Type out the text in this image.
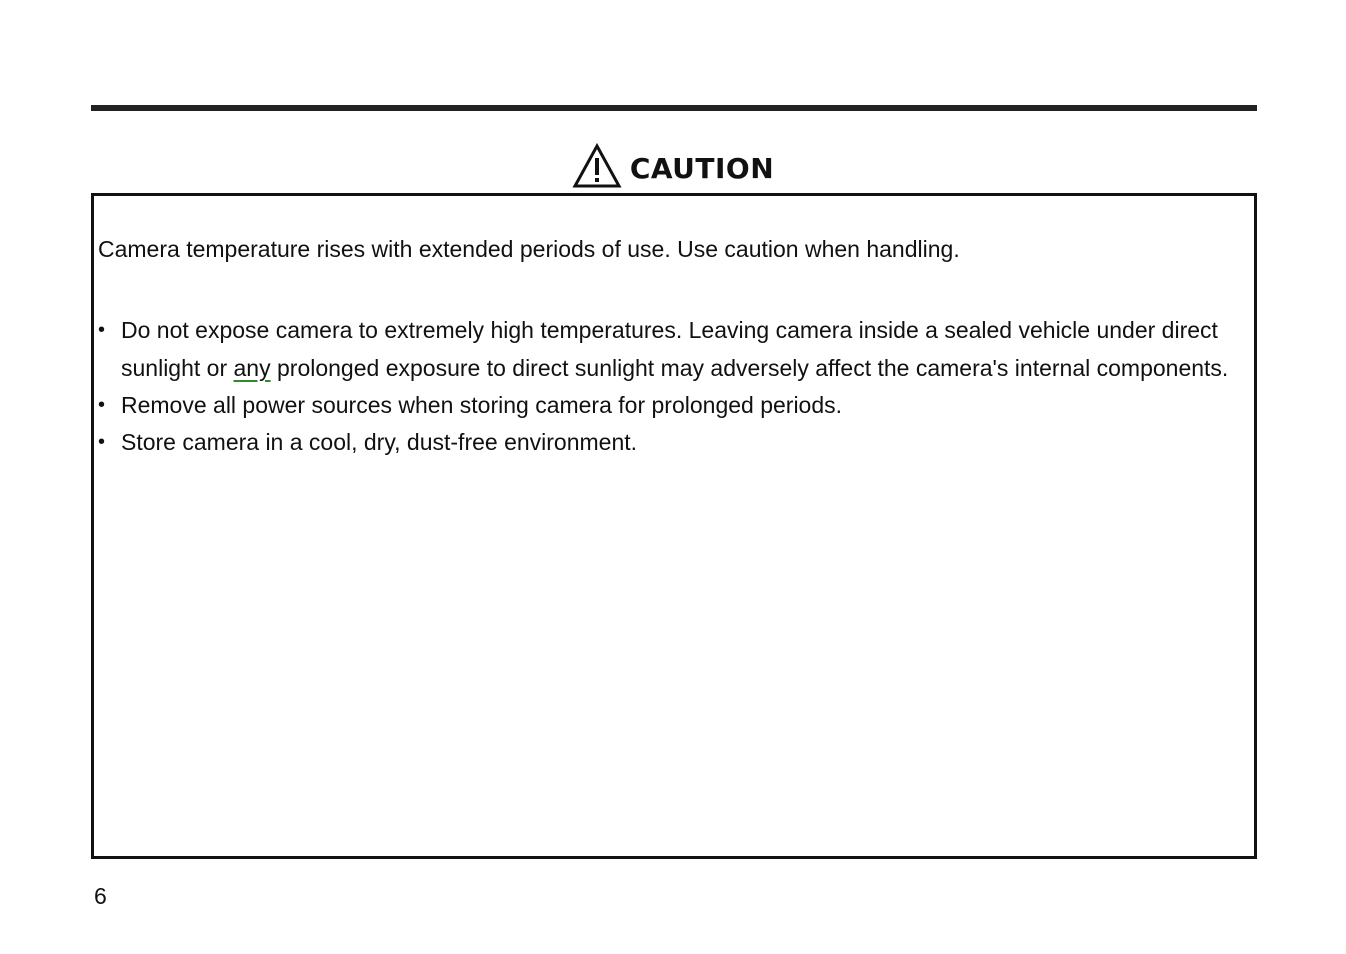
CAUTION

Camera temperature rises with extended periods of use. Use caution when handling.

• Do not expose camera to extremely high temperatures. Leaving camera inside a sealed vehicle under direct sunlight or any prolonged exposure to direct sunlight may adversely affect the camera's internal components.
• Remove all power sources when storing camera for prolonged periods.
• Store camera in a cool, dry, dust-free environment.
6
